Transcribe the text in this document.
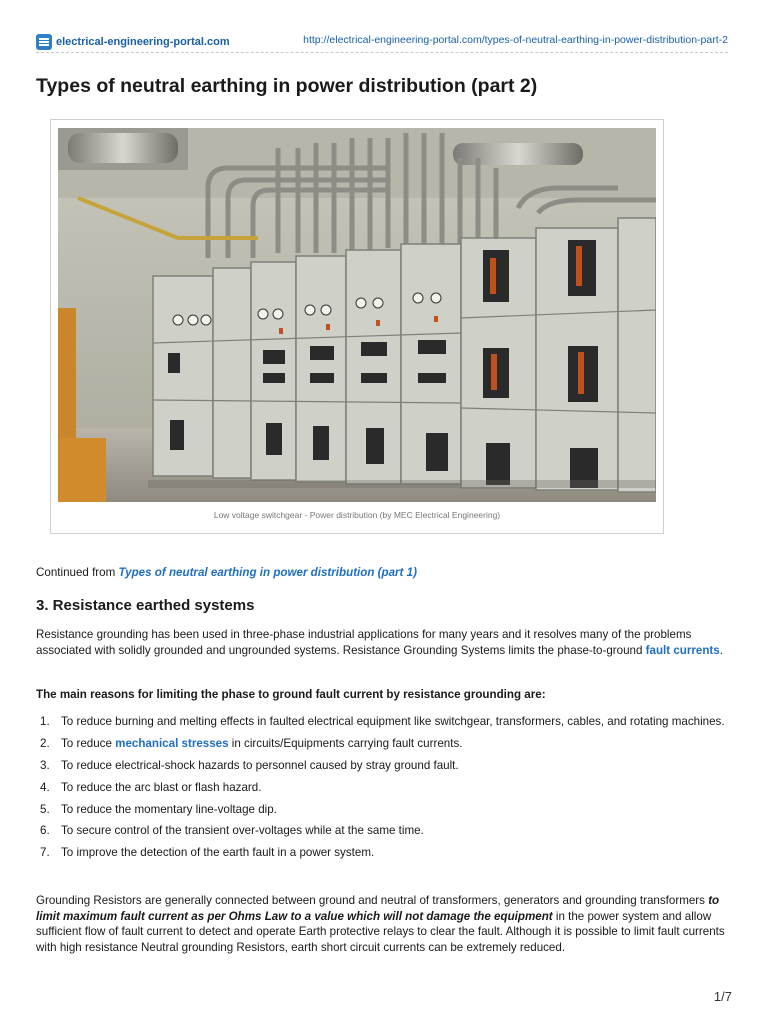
electrical-engineering-portal.com	http://electrical-engineering-portal.com/types-of-neutral-earthing-in-power-distribution-part-2
Types of neutral earthing in power distribution (part 2)
Low voltage switchgear - Power distribution (by MEC Electrical Engineering)

Continued from Types of neutral earthing in power distribution (part 1)

3. Resistance earthed systems

Resistance grounding has been used in three-phase industrial applications for many years and it resolves many of the problems associated with solidly grounded and ungrounded systems. Resistance Grounding Systems limits the phase-to-ground fault currents.

The main reasons for limiting the phase to ground fault current by resistance grounding are:

1. To reduce burning and melting effects in faulted electrical equipment like switchgear, transformers, cables, and rotating machines.
2. To reduce mechanical stresses in circuits/Equipments carrying fault currents.
3. To reduce electrical-shock hazards to personnel caused by stray ground fault.
4. To reduce the arc blast or flash hazard.
5. To reduce the momentary line-voltage dip.
6. To secure control of the transient over-voltages while at the same time.
7. To improve the detection of the earth fault in a power system.

Grounding Resistors are generally connected between ground and neutral of transformers, generators and grounding transformers to limit maximum fault current as per Ohms Law to a value which will not damage the equipment in the power system and allow sufficient flow of fault current to detect and operate Earth protective relays to clear the fault. Although it is possible to limit fault currents with high resistance Neutral grounding Resistors, earth short circuit currents can be extremely reduced.

1/7
